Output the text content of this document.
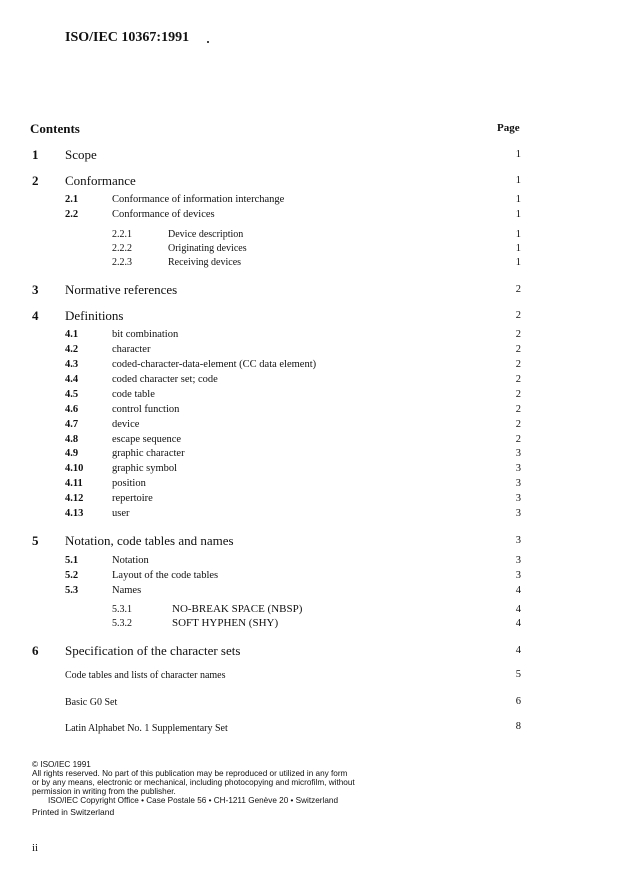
ISO/IEC 10367:1991
Contents	Page
1 Scope	1
2 Conformance	1
2.1	Conformance of information interchange	1
2.2	Conformance of devices	1
2.2.1	Device description	1
2.2.2	Originating devices	1
2.2.3	Receiving devices	1
3 Normative references	2
4 Definitions	2
4.1	bit combination	2
4.2	character	2
4.3	coded-character-data-element (CC data element)	2
4.4	coded character set; code	2
4.5	code table	2
4.6	control function	2
4.7	device	2
4.8	escape sequence	2
4.9	graphic character	3
4.10	graphic symbol	3
4.11	position	3
4.12	repertoire	3
4.13	user	3
5 Notation, code tables and names	3
5.1	Notation	3
5.2	Layout of the code tables	3
5.3	Names	4
5.3.1	NO-BREAK SPACE (NBSP)	4
5.3.2	SOFT HYPHEN (SHY)	4
6 Specification of the character sets	4
Code tables and lists of character names	5
Basic G0 Set	6
Latin Alphabet No. 1 Supplementary Set	8
© ISO/IEC 1991
All rights reserved. No part of this publication may be reproduced or utilized in any form
or by any means, electronic or mechanical, including photocopying and microfilm, without
permission in writing from the publisher.
ISO/IEC Copyright Office • Case Postale 56 • CH-1211 Genève 20 • Switzerland
Printed in Switzerland
ii
